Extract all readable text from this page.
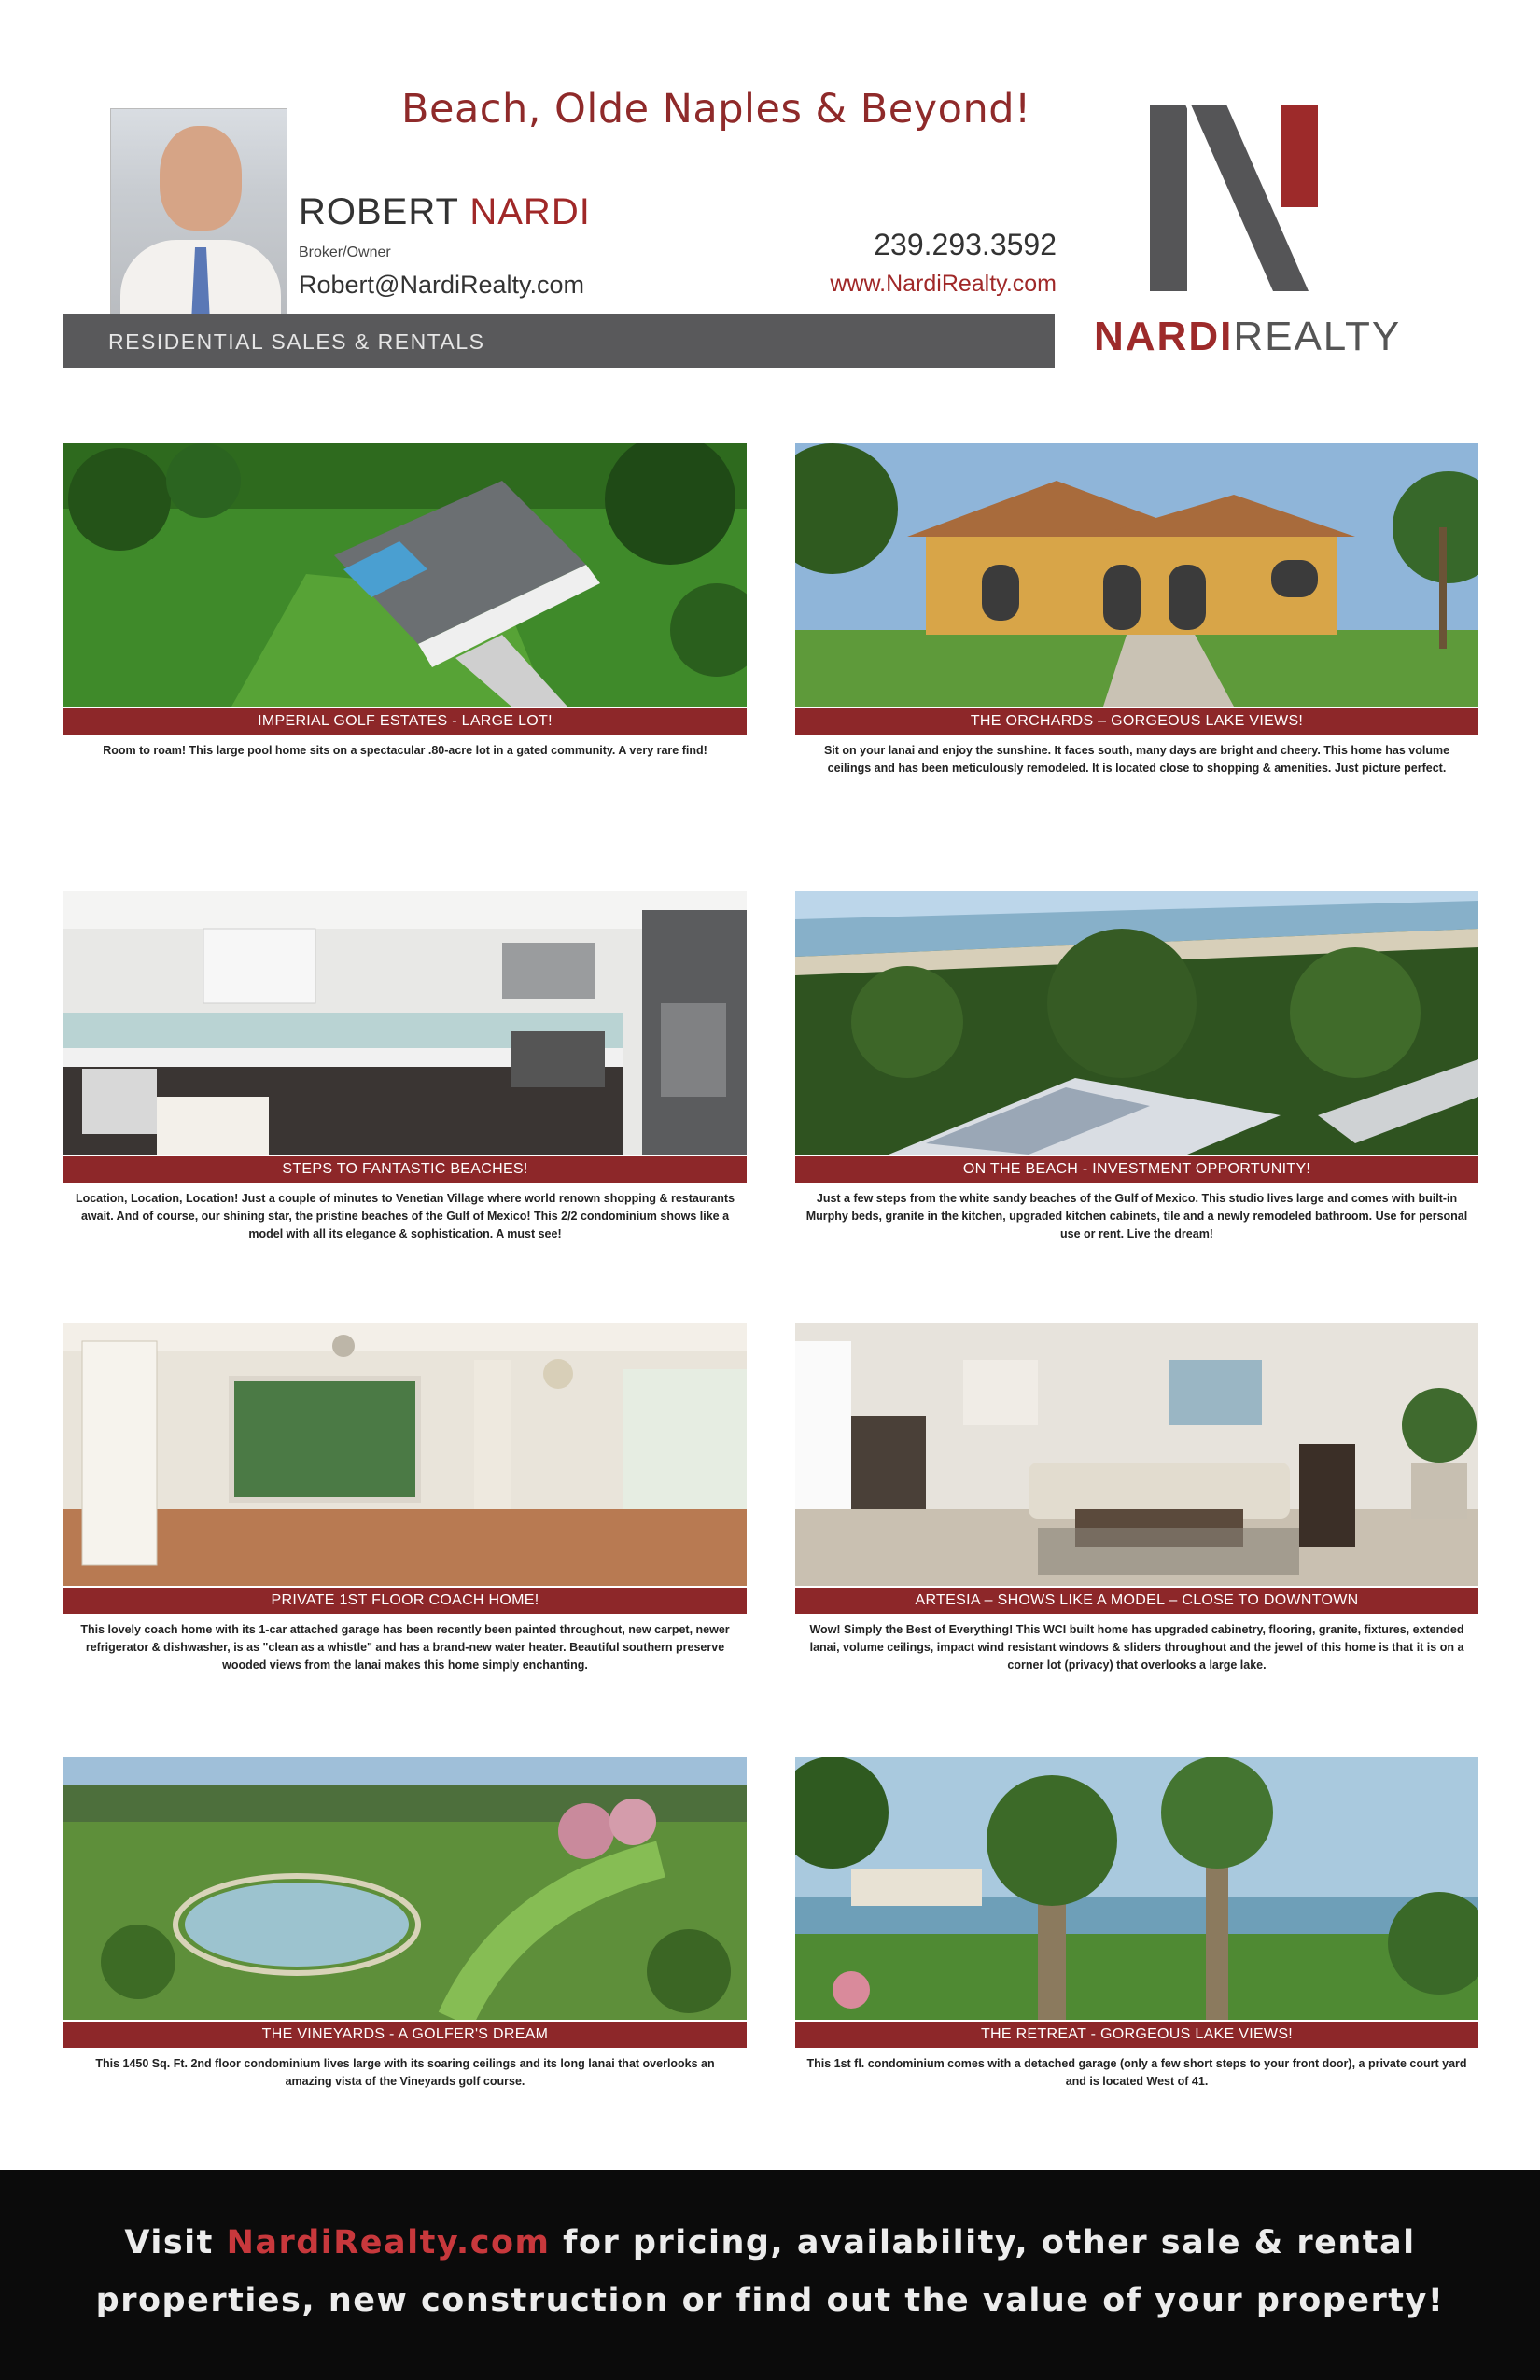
Beach, Olde Naples & Beyond!
ROBERT NARDI
Broker/Owner
Robert@NardiRealty.com
239.293.3592
www.NardiRealty.com
RESIDENTIAL SALES & RENTALS	NARDIREALTY
IMPERIAL GOLF ESTATES - LARGE LOT!
Room to roam! This large pool home sits on a spectacular .80-acre lot in a gated community. A very rare find!
THE ORCHARDS – GORGEOUS LAKE VIEWS!
Sit on your lanai and enjoy the sunshine. It faces south, many days are bright and cheery. This home has volume ceilings and has been meticulously remodeled. It is located close to shopping & amenities. Just picture perfect.
STEPS TO FANTASTIC BEACHES!
Location, Location, Location! Just a couple of minutes to Venetian Village where world renown shopping & restaurants await. And of course, our shining star, the pristine beaches of the Gulf of Mexico! This 2/2 condominium shows like a model with all its elegance & sophistication. A must see!
ON THE BEACH - INVESTMENT OPPORTUNITY!
Just a few steps from the white sandy beaches of the Gulf of Mexico. This studio lives large and comes with built-in Murphy beds, granite in the kitchen, upgraded kitchen cabinets, tile and a newly remodeled bathroom. Use for personal use or rent. Live the dream!
PRIVATE 1ST FLOOR COACH HOME!
This lovely coach home with its 1-car attached garage has been recently been painted throughout, new carpet, newer refrigerator & dishwasher, is as "clean as a whistle" and has a brand-new water heater. Beautiful southern preserve wooded views from the lanai makes this home simply enchanting.
ARTESIA – SHOWS LIKE A MODEL – CLOSE TO DOWNTOWN
Wow! Simply the Best of Everything! This WCI built home has upgraded cabinetry, flooring, granite, fixtures, extended lanai, volume ceilings, impact wind resistant windows & sliders throughout and the jewel of this home is that it is on a corner lot (privacy) that overlooks a large lake.
THE VINEYARDS - A GOLFER'S DREAM
This 1450 Sq. Ft. 2nd floor condominium lives large with its soaring ceilings and its long lanai that overlooks an amazing vista of the Vineyards golf course.
THE RETREAT - GORGEOUS LAKE VIEWS!
This 1st fl. condominium comes with a detached garage (only a few short steps to your front door), a private court yard and is located West of 41.
Visit NardiRealty.com for pricing, availability, other sale & rental
properties, new construction or find out the value of your property!
